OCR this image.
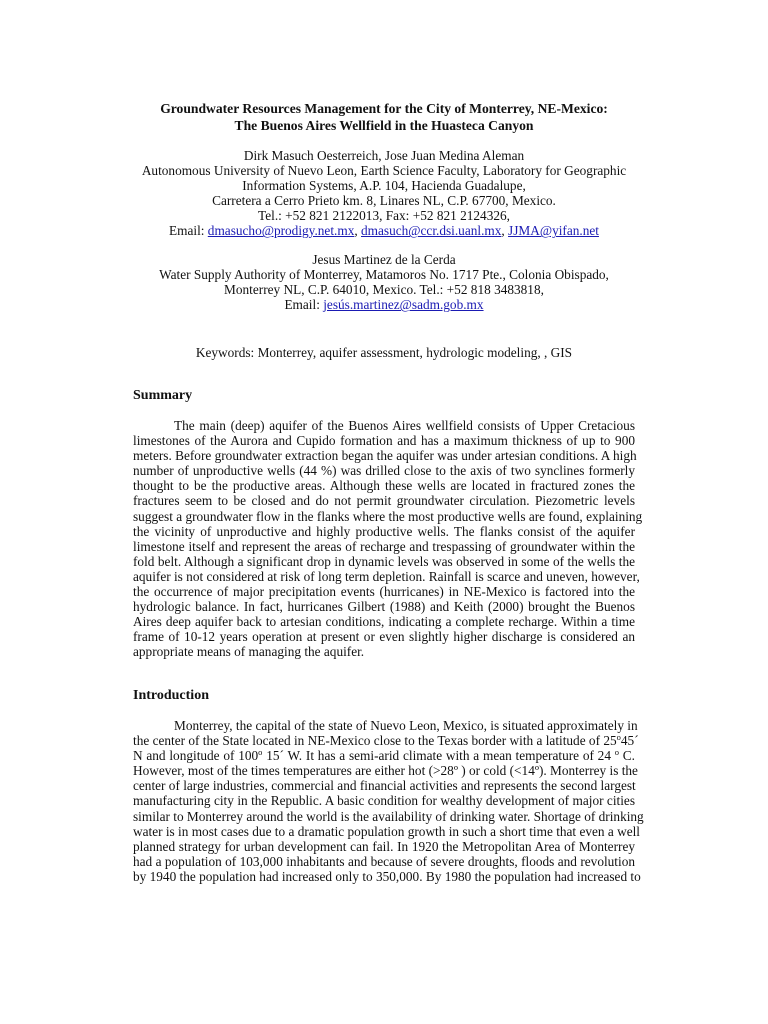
Groundwater Resources Management for the City of Monterrey, NE-Mexico:
The Buenos Aires Wellfield in the Huasteca Canyon
Dirk Masuch Oesterreich, Jose Juan Medina Aleman
Autonomous University of Nuevo Leon, Earth Science Faculty, Laboratory for Geographic
Information Systems, A.P. 104, Hacienda Guadalupe,
Carretera a Cerro Prieto km. 8, Linares NL, C.P. 67700, Mexico.
Tel.: +52 821 2122013, Fax: +52 821 2124326,
Email: dmasucho@prodigy.net.mx, dmasuch@ccr.dsi.uanl.mx, JJMA@yifan.net
Jesus Martinez de la Cerda
Water Supply Authority of Monterrey, Matamoros No. 1717 Pte., Colonia Obispado,
Monterrey NL, C.P. 64010, Mexico. Tel.: +52 818 3483818,
Email: jesús.martinez@sadm.gob.mx
Keywords: Monterrey, aquifer assessment, hydrologic modeling, , GIS
Summary
The main (deep) aquifer of the Buenos Aires wellfield consists of Upper Cretacious
limestones of the Aurora and Cupido formation and has a maximum thickness of up to 900
meters. Before groundwater extraction began the aquifer was under artesian conditions. A high
number of unproductive wells (44 %) was drilled close to the axis of two synclines formerly
thought to be the productive areas. Although these wells are located in fractured zones the
fractures seem to be closed and do not permit groundwater circulation. Piezometric levels
suggest a groundwater flow in the flanks where the most productive wells are found, explaining
the vicinity of unproductive and highly productive wells. The flanks consist of the aquifer
limestone itself and represent the areas of recharge and trespassing of groundwater within the
fold belt. Although a significant drop in dynamic levels was observed in some of the wells the
aquifer is not considered at risk of long term depletion. Rainfall is scarce and uneven, however,
the occurrence of major precipitation events (hurricanes) in NE-Mexico is factored into the
hydrologic balance. In fact, hurricanes Gilbert (1988) and Keith (2000) brought the Buenos
Aires deep aquifer back to artesian conditions, indicating a complete recharge. Within a time
frame of 10-12 years operation at present or even slightly higher discharge is considered an
appropriate means of managing the aquifer.
Introduction
Monterrey, the capital of the state of Nuevo Leon, Mexico, is situated approximately in
the center of the State located in NE-Mexico close to the Texas border with a latitude of 25$^o$45´
N and longitude of 100$^o$ 15´ W. It has a semi-arid climate with a mean temperature of 24 $^o$ C.
However, most of the times temperatures are either hot (>28º ) or cold (<14º). Monterrey is the
center of large industries, commercial and financial activities and represents the second largest
manufacturing city in the Republic. A basic condition for wealthy development of major cities
similar to Monterrey around the world is the availability of drinking water. Shortage of drinking
water is in most cases due to a dramatic population growth in such a short time that even a well
planned strategy for urban development can fail. In 1920 the Metropolitan Area of Monterrey
had a population of 103,000 inhabitants and because of severe droughts, floods and revolution
by 1940 the population had increased only to 350,000. By 1980 the population had increased to
